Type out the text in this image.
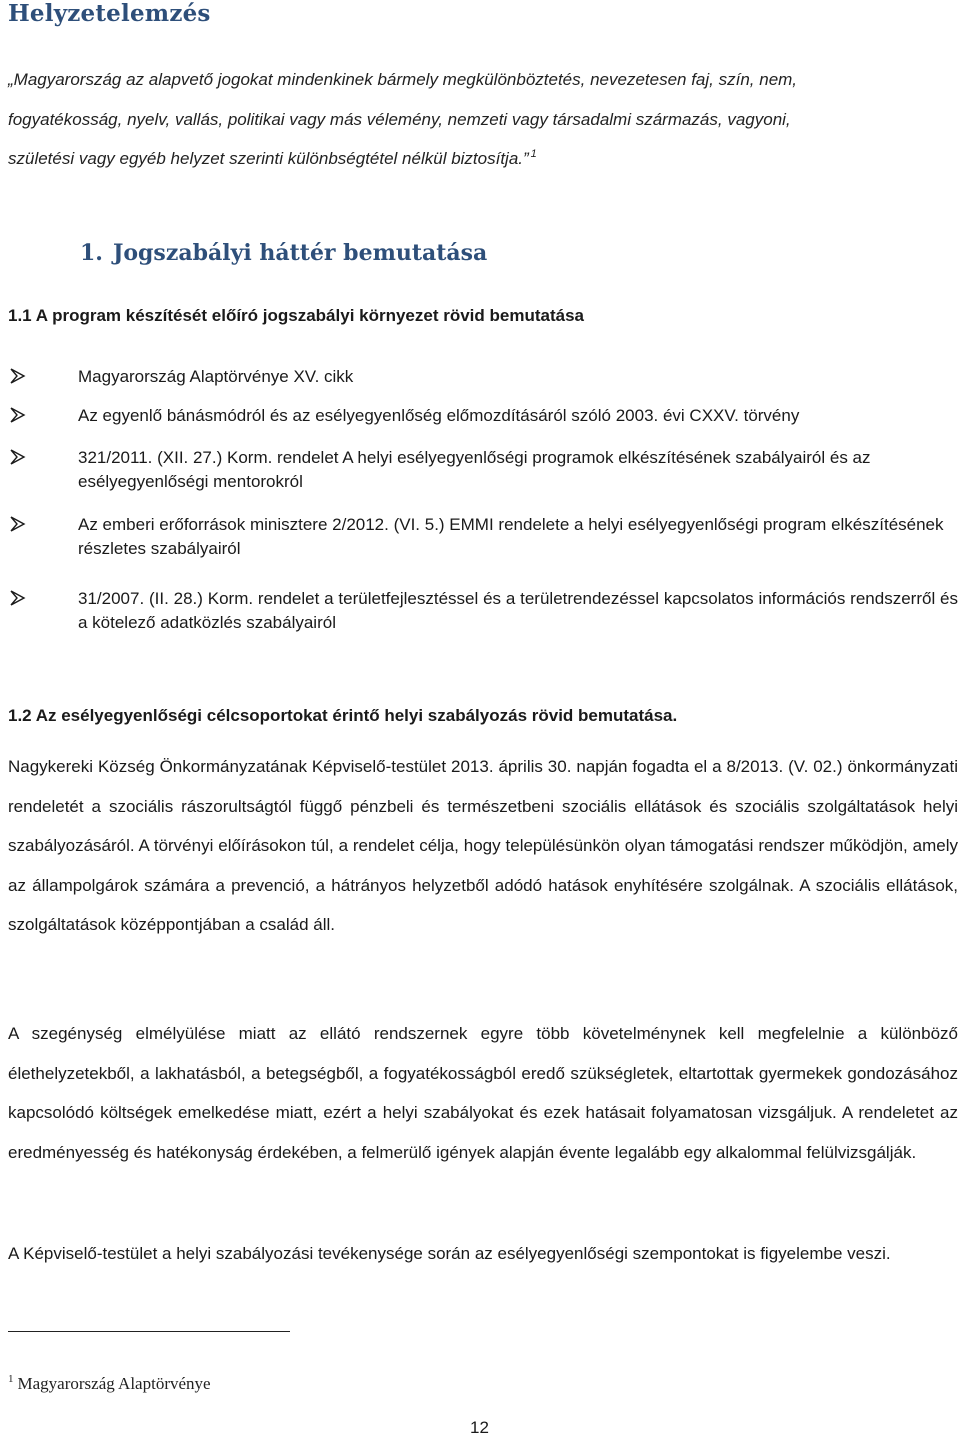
Helyzetelemzés
„Magyarország az alapvető jogokat mindenkinek bármely megkülönböztetés, nevezetesen faj, szín, nem,
fogyatékosság, nyelv, vallás, politikai vagy más vélemény, nemzeti vagy társadalmi származás, vagyoni,
születési vagy egyéb helyzet szerinti különbségtétel nélkül biztosítja.” $^1$
1. Jogszabályi háttér bemutatása
1.1 A program készítését előíró jogszabályi környezet rövid bemutatása
Magyarország Alaptörvénye XV. cikk
Az egyenlő bánásmódról és az esélyegyenlőség előmozdításáról szóló 2003. évi CXXV. törvény
321/2011. (XII. 27.) Korm. rendelet A helyi esélyegyenlőségi programok elkészítésének szabályairól és az esélyegyenlőségi mentorokról
Az emberi erőforrások minisztere 2/2012. (VI. 5.) EMMI rendelete a helyi esélyegyenlőségi program elkészítésének részletes szabályairól
31/2007. (II. 28.) Korm. rendelet a területfejlesztéssel és a területrendezéssel kapcsolatos információs rendszerről és a kötelező adatközlés szabályairól
1.2 Az esélyegyenlőségi célcsoportokat érintő helyi szabályozás rövid bemutatása.

Nagykereki Község Önkormányzatának Képviselő-testület 2013. április 30. napján fogadta el a 8/2013. (V. 02.) önkormányzati rendeletét a szociális rászorultságtól függő pénzbeli és természetbeni szociális ellátások és szociális szolgáltatások helyi szabályozásáról. A törvényi előírásokon túl, a rendelet célja, hogy településünkön olyan támogatási rendszer működjön, amely az állampolgárok számára a prevenció, a hátrányos helyzetből adódó hatások enyhítésére szolgálnak. A szociális ellátások, szolgáltatások középpontjában a család áll.

A szegénység elmélyülése miatt az ellátó rendszernek egyre több követelménynek kell megfelelnie a különböző élethelyzetekből, a lakhatásból, a betegségből, a fogyatékosságból eredő szükségletek, eltartottak gyermekek gondozásához kapcsolódó költségek emelkedése miatt, ezért a helyi szabályokat és ezek hatásait folyamatosan vizsgáljuk. A rendeletet az eredményesség és hatékonyság érdekében, a felmerülő igények alapján évente legalább egy alkalommal felülvizsgálják.

A Képviselő-testület a helyi szabályozási tevékenysége során az esélyegyenlőségi szempontokat is figyelembe veszi.

$^1$ Magyarország Alaptörvénye
12
